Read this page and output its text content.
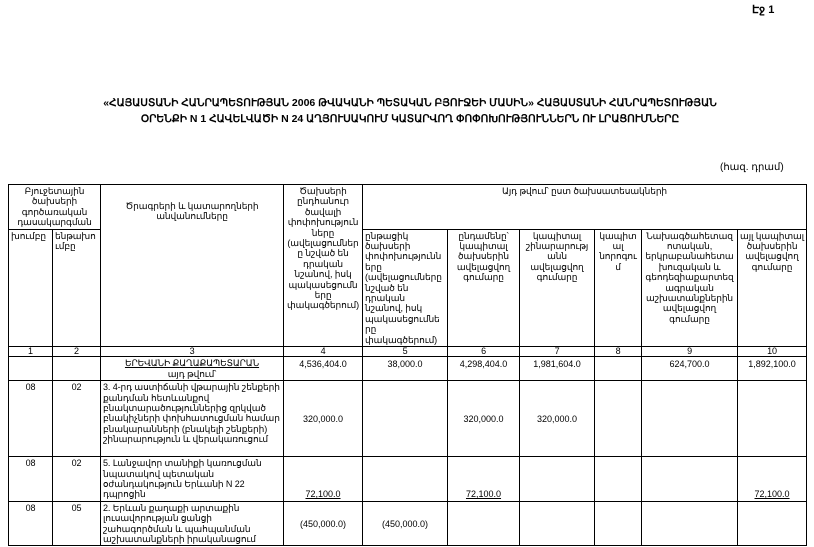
Էջ 1
«ՀԱՅԱՍՏԱՆԻ ՀԱՆՐԱՊԵՏՈՒԹՅԱՆ 2006 ԹՎԱԿԱՆԻ ՊԵՏԱԿԱՆ ԲՅՈՒՋԵԻ ՄԱՍԻՆ» ՀԱՅԱՍՏԱՆԻ ՀԱՆՐԱՊԵՏՈՒԹՅԱՆ ՕՐԵՆՔԻ N 1 ՀԱՎԵԼՎԱԾԻ N 24 ԱՂՅՈՒՍԱԿՈՒՄ ԿԱՏԱՐՎՈՂ ՓՈՓՈԽՈՒԹՅՈՒՆՆԵՐՆ ՈՒ ԼՐԱՑՈՒՄՆԵՐԸ
(հազ. դրամ)
Բյուջետային ծախսերի գործառական դասակարգման		Ծրագրերի և կատարողների անվանումները	Ծախսերի ընդհանուր ծավալի փոփոխությունները (ավելացումները նշված են դրական նշանով, իսկ պակասեցումները փակագծերում)	Այդ թվում՝ ըստ ծախսատեսակների					
խումբը	ենթախումբը			ընթացիկ ծախսերի փոփոխությունները (ավելացումները նշված են դրական նշանով, իսկ պակասեցումները փակագծերում)	ընդամենը՝ կապիտալ ծախսերին ավելացվող գումարը	կապիտալ շինարարությանն ավելացվող գումարը	կապիտալ նորոգում	Նախագծահետազոտական, երկրաբանահետախուզական և գեոդեզիաքարտեզագրական աշխատանքներին ավելացվող գումարը	այլ կապիտալ ծախսերին ավելացվող գումարը
1	2	3	4	5	6	7	8	9	10
		ԵՐԵՎԱՆԻ ՔԱՂԱՔԱՊԵՏԱՐԱՆ
այդ թվում՝	4,536,404.0	38,000.0	4,298,404.0	1,981,604.0		624,700.0	1,892,100.0
08	02	3. 4-րդ աստիճանի վթարային շենքերի քանդման հետևանքով բնակտարածություններից զրկված բնակիչների փոխհատուցման համար բնակարանների (բնակելի շենքերի) շինարարություն և վերակառուցում	320,000.0		320,000.0	320,000.0			
08	02	5. Լանջավոր տանիքի կառուցման նպատակով պետական օժանդակություն Երևանի N 22 դպրոցին	72,100.0		72,100.0				72,100.0
08	05	2. Երևան քաղաքի արտաքին լուսավորության ցանցի շահագործման և պահպանման աշխատանքների իրականացում	(450,000.0)	(450,000.0)					
